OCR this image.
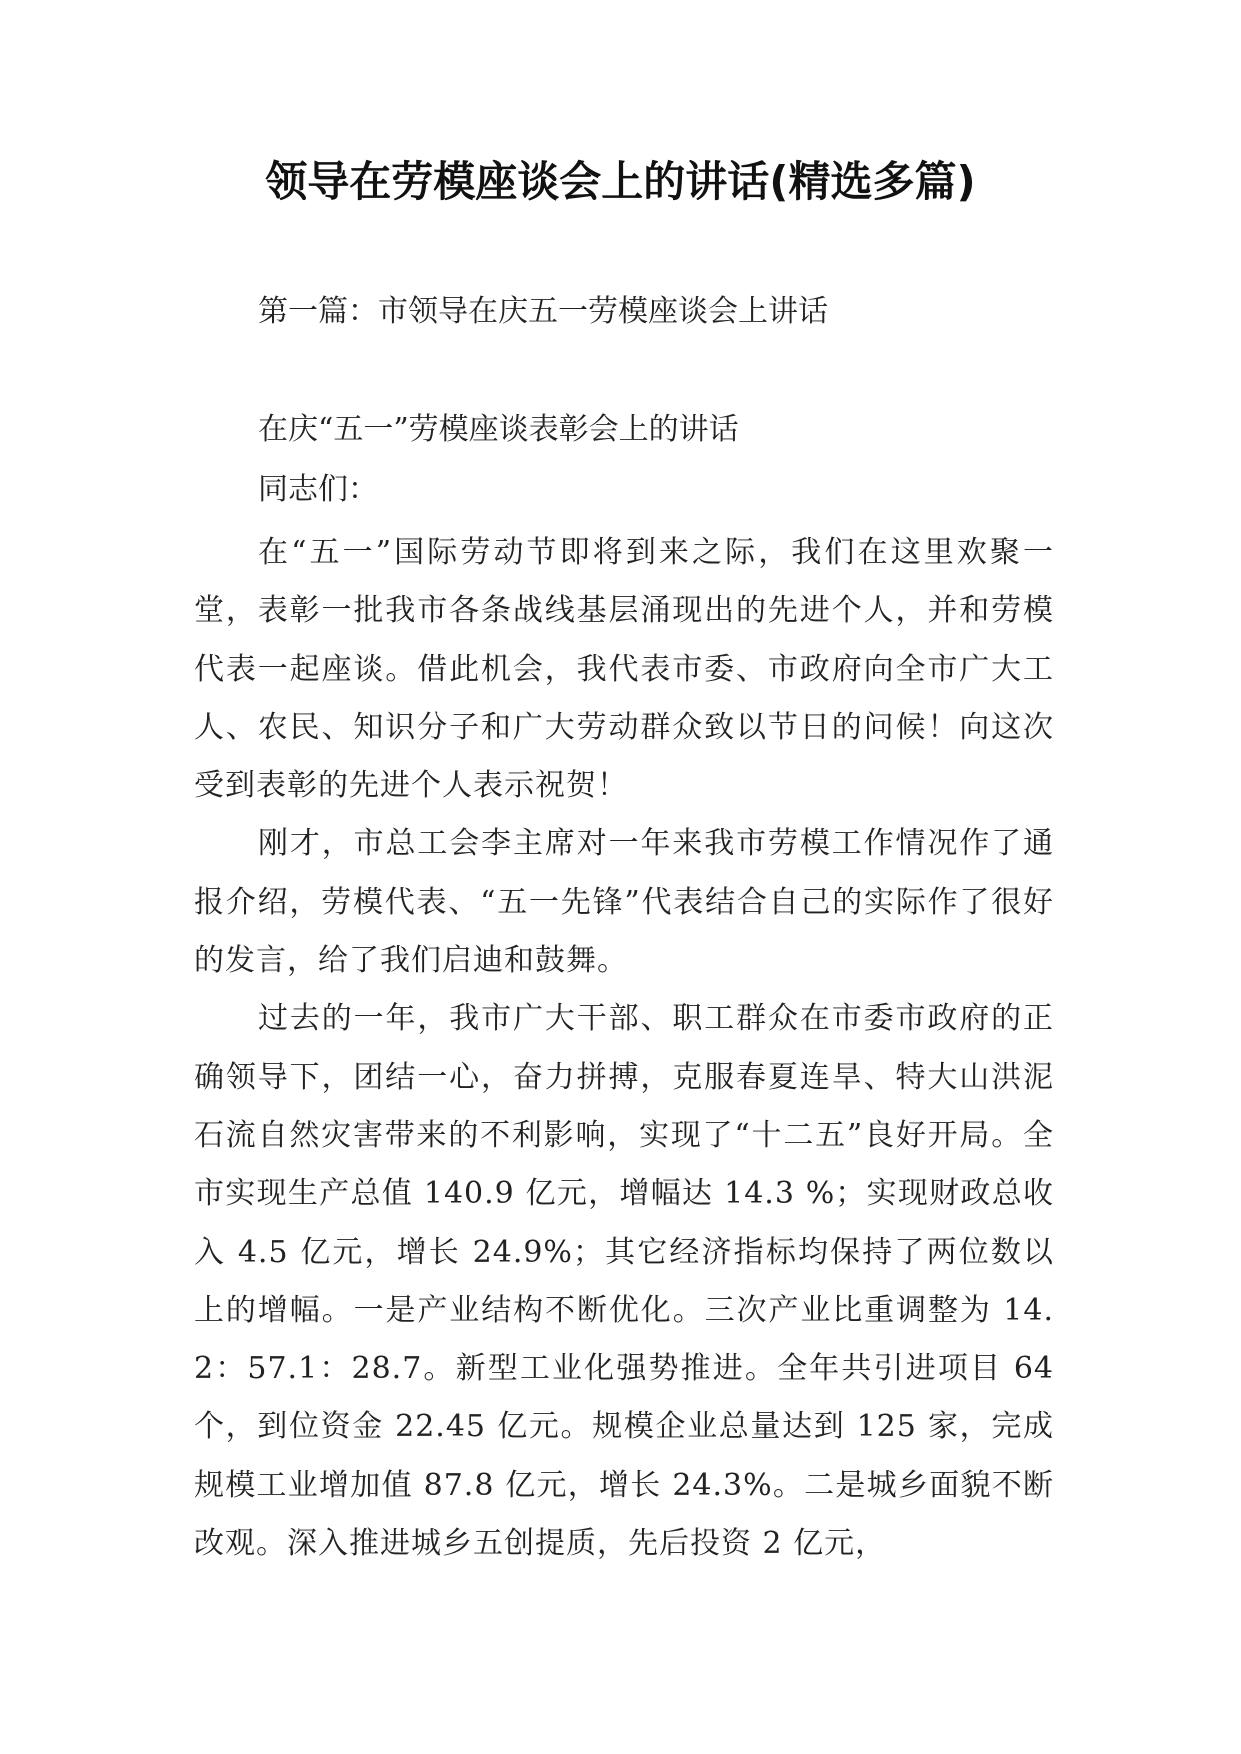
领导在劳模座谈会上的讲话(精选多篇)

第一篇：市领导在庆五一劳模座谈会上讲话

在庆“五一”劳模座谈表彰会上的讲话

同志们：

在“五一”国际劳动节即将到来之际，我们在这里欢聚一堂，表彰一批我市各条战线基层涌现出的先进个人，并和劳模代表一起座谈。借此机会，我代表市委、市政府向全市广大工人、农民、知识分子和广大劳动群众致以节日的问候！向这次受到表彰的先进个人表示祝贺！

刚才，市总工会李主席对一年来我市劳模工作情况作了通报介绍，劳模代表、“五一先锋”代表结合自己的实际作了很好的发言，给了我们启迪和鼓舞。

过去的一年，我市广大干部、职工群众在市委市政府的正确领导下，团结一心，奋力拼搏，克服春夏连旱、特大山洪泥石流自然灾害带来的不利影响，实现了“十二五”良好开局。全市实现生产总值 140.9 亿元，增幅达 14.3 %；实现财政总收入 4.5 亿元，增长 24.9%；其它经济指标均保持了两位数以上的增幅。一是产业结构不断优化。三次产业比重调整为 14.2：57.1：28.7。新型工业化强势推进。全年共引进项目 64 个，到位资金 22.45 亿元。规模企业总量达到 125 家，完成规模工业增加值 87.8 亿元，增长 24.3%。二是城乡面貌不断改观。深入推进城乡五创提质，先后投资 2 亿元，
